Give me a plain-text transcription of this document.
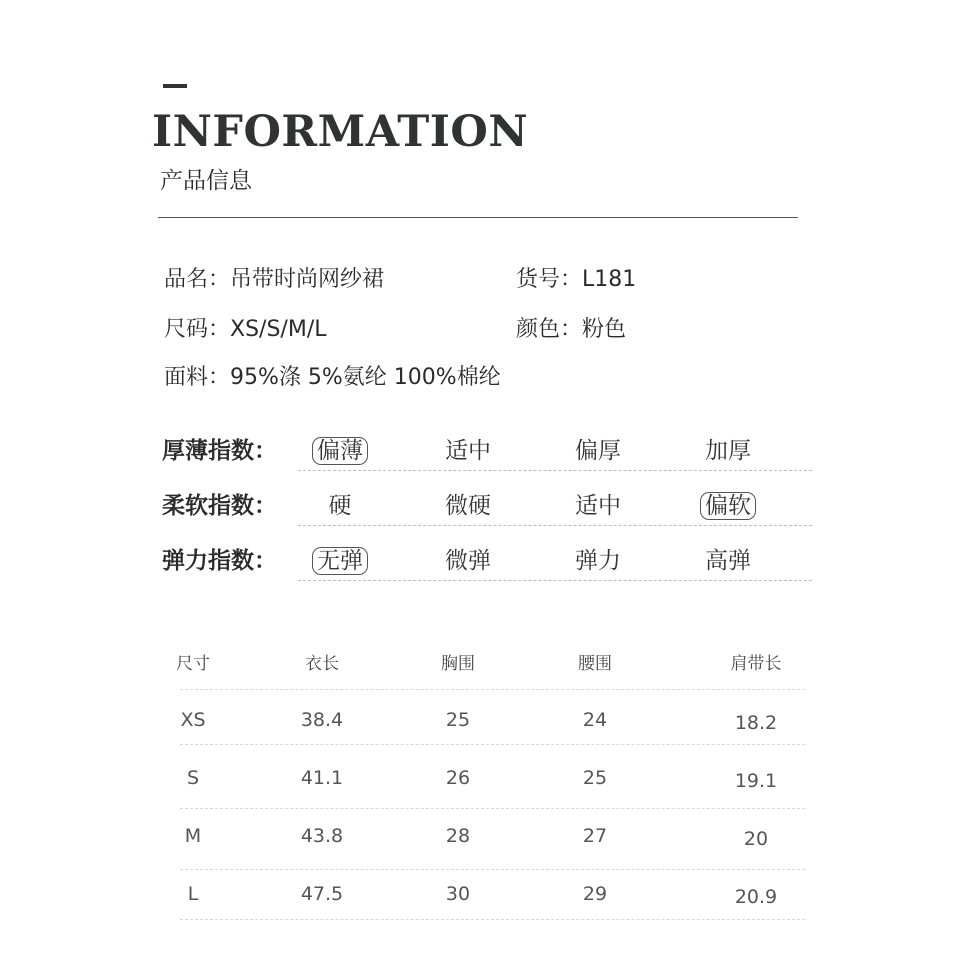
INFORMATION
产品信息
品名：吊带时尚网纱裙	货号：L181
尺码：XS/S/M/L	颜色：粉色
面料：95%涤 5%氨纶 100%棉纶
厚薄指数：	偏薄	适中	偏厚	加厚
柔软指数：	硬	微硬	适中	偏软
弹力指数：	无弹	微弹	弹力	高弹
尺寸	衣长	胸围	腰围	肩带长
XS	38.4	25	24	18.2
S	41.1	26	25	19.1
M	43.8	28	27	20
L	47.5	30	29	20.9
